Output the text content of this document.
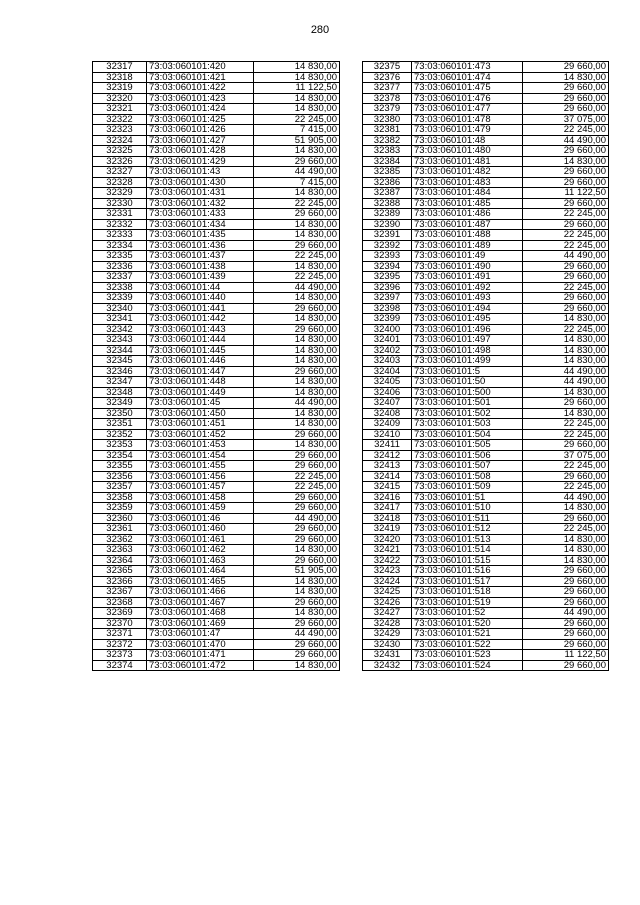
280
32317	73:03:060101:420	14 830,00
32318	73:03:060101:421	14 830,00
32319	73:03:060101:422	11 122,50
32320	73:03:060101:423	14 830,00
32321	73:03:060101:424	14 830,00
32322	73:03:060101:425	22 245,00
32323	73:03:060101:426	7 415,00
32324	73:03:060101:427	51 905,00
32325	73:03:060101:428	14 830,00
32326	73:03:060101:429	29 660,00
32327	73:03:060101:43	44 490,00
32328	73:03:060101:430	7 415,00
32329	73:03:060101:431	14 830,00
32330	73:03:060101:432	22 245,00
32331	73:03:060101:433	29 660,00
32332	73:03:060101:434	14 830,00
32333	73:03:060101:435	14 830,00
32334	73:03:060101:436	29 660,00
32335	73:03:060101:437	22 245,00
32336	73:03:060101:438	14 830,00
32337	73:03:060101:439	22 245,00
32338	73:03:060101:44	44 490,00
32339	73:03:060101:440	14 830,00
32340	73:03:060101:441	29 660,00
32341	73:03:060101:442	14 830,00
32342	73:03:060101:443	29 660,00
32343	73:03:060101:444	14 830,00
32344	73:03:060101:445	14 830,00
32345	73:03:060101:446	14 830,00
32346	73:03:060101:447	29 660,00
32347	73:03:060101:448	14 830,00
32348	73:03:060101:449	14 830,00
32349	73:03:060101:45	44 490,00
32350	73:03:060101:450	14 830,00
32351	73:03:060101:451	14 830,00
32352	73:03:060101:452	29 660,00
32353	73:03:060101:453	14 830,00
32354	73:03:060101:454	29 660,00
32355	73:03:060101:455	29 660,00
32356	73:03:060101:456	22 245,00
32357	73:03:060101:457	22 245,00
32358	73:03:060101:458	29 660,00
32359	73:03:060101:459	29 660,00
32360	73:03:060101:46	44 490,00
32361	73:03:060101:460	29 660,00
32362	73:03:060101:461	29 660,00
32363	73:03:060101:462	14 830,00
32364	73:03:060101:463	29 660,00
32365	73:03:060101:464	51 905,00
32366	73:03:060101:465	14 830,00
32367	73:03:060101:466	14 830,00
32368	73:03:060101:467	29 660,00
32369	73:03:060101:468	14 830,00
32370	73:03:060101:469	29 660,00
32371	73:03:060101:47	44 490,00
32372	73:03:060101:470	29 660,00
32373	73:03:060101:471	29 660,00
32374	73:03:060101:472	14 830,00
32375	73:03:060101:473	29 660,00
32376	73:03:060101:474	14 830,00
32377	73:03:060101:475	29 660,00
32378	73:03:060101:476	29 660,00
32379	73:03:060101:477	29 660,00
32380	73:03:060101:478	37 075,00
32381	73:03:060101:479	22 245,00
32382	73:03:060101:48	44 490,00
32383	73:03:060101:480	29 660,00
32384	73:03:060101:481	14 830,00
32385	73:03:060101:482	29 660,00
32386	73:03:060101:483	29 660,00
32387	73:03:060101:484	11 122,50
32388	73:03:060101:485	29 660,00
32389	73:03:060101:486	22 245,00
32390	73:03:060101:487	29 660,00
32391	73:03:060101:488	22 245,00
32392	73:03:060101:489	22 245,00
32393	73:03:060101:49	44 490,00
32394	73:03:060101:490	29 660,00
32395	73:03:060101:491	29 660,00
32396	73:03:060101:492	22 245,00
32397	73:03:060101:493	29 660,00
32398	73:03:060101:494	29 660,00
32399	73:03:060101:495	14 830,00
32400	73:03:060101:496	22 245,00
32401	73:03:060101:497	14 830,00
32402	73:03:060101:498	14 830,00
32403	73:03:060101:499	14 830,00
32404	73:03:060101:5	44 490,00
32405	73:03:060101:50	44 490,00
32406	73:03:060101:500	14 830,00
32407	73:03:060101:501	29 660,00
32408	73:03:060101:502	14 830,00
32409	73:03:060101:503	22 245,00
32410	73:03:060101:504	22 245,00
32411	73:03:060101:505	29 660,00
32412	73:03:060101:506	37 075,00
32413	73:03:060101:507	22 245,00
32414	73:03:060101:508	29 660,00
32415	73:03:060101:509	22 245,00
32416	73:03:060101:51	44 490,00
32417	73:03:060101:510	14 830,00
32418	73:03:060101:511	29 660,00
32419	73:03:060101:512	22 245,00
32420	73:03:060101:513	14 830,00
32421	73:03:060101:514	14 830,00
32422	73:03:060101:515	14 830,00
32423	73:03:060101:516	29 660,00
32424	73:03:060101:517	29 660,00
32425	73:03:060101:518	29 660,00
32426	73:03:060101:519	29 660,00
32427	73:03:060101:52	44 490,00
32428	73:03:060101:520	29 660,00
32429	73:03:060101:521	29 660,00
32430	73:03:060101:522	29 660,00
32431	73:03:060101:523	11 122,50
32432	73:03:060101:524	29 660,00
